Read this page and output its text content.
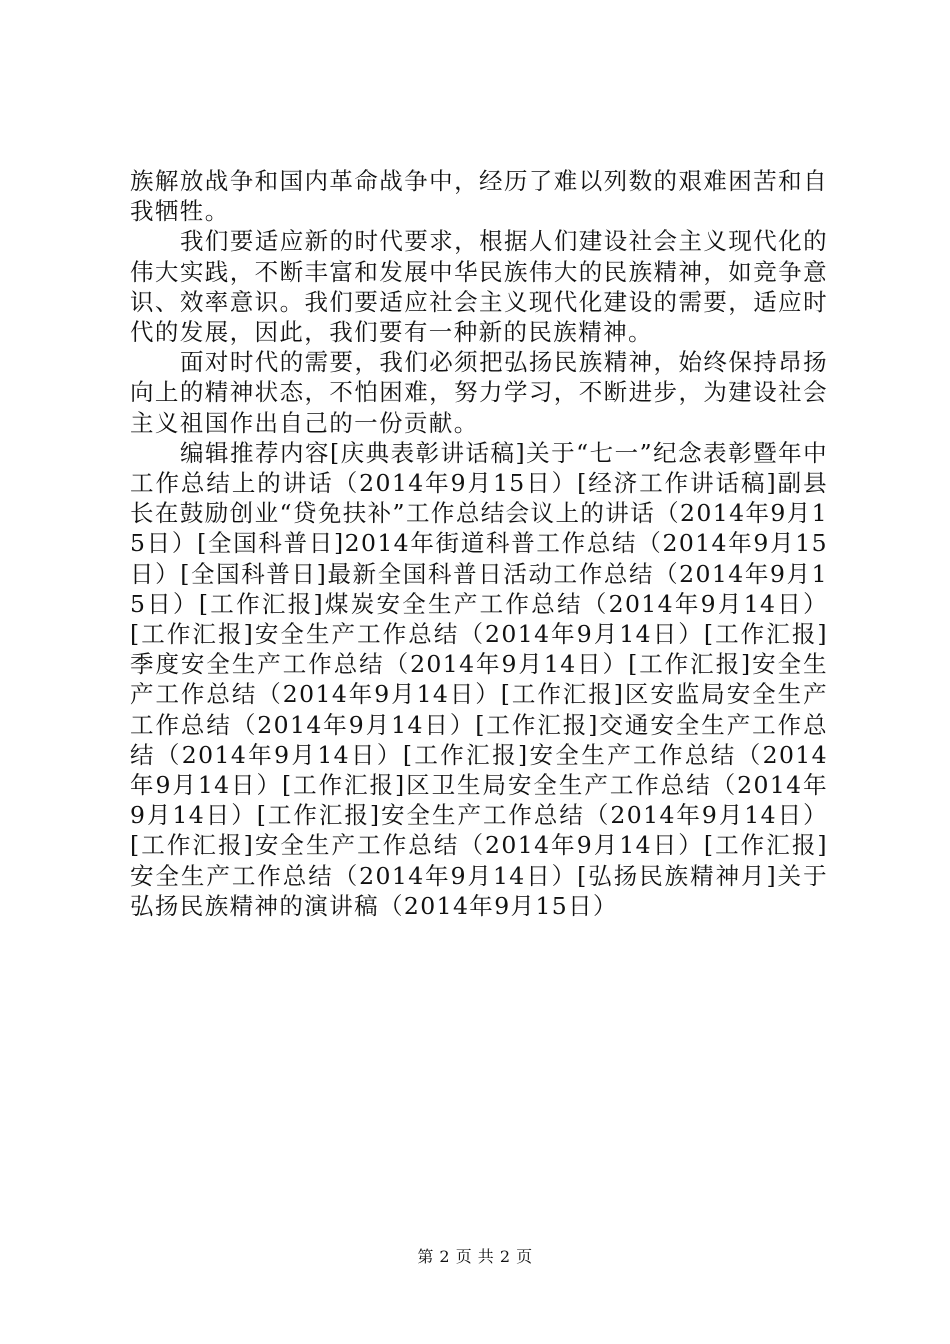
族解放战争和国内革命战争中，经历了难以列数的艰难困苦和自我牺牲。

我们要适应新的时代要求，根据人们建设社会主义现代化的伟大实践，不断丰富和发展中华民族伟大的民族精神，如竞争意识、效率意识。我们要适应社会主义现代化建设的需要，适应时代的发展，因此，我们要有一种新的民族精神。

面对时代的需要，我们必须把弘扬民族精神，始终保持昂扬向上的精神状态，不怕困难，努力学习，不断进步，为建设社会主义祖国作出自己的一份贡献。

编辑推荐内容[庆典表彰讲话稿]关于“七一”纪念表彰暨年中工作总结上的讲话（2014年9月15日）[经济工作讲话稿]副县长在鼓励创业“贷免扶补”工作总结会议上的讲话（2014年9月15日）[全国科普日]2014年街道科普工作总结（2014年9月15日）[全国科普日]最新全国科普日活动工作总结（2014年9月15日）[工作汇报]煤炭安全生产工作总结（2014年9月14日）[工作汇报]安全生产工作总结（2014年9月14日）[工作汇报]季度安全生产工作总结（2014年9月14日）[工作汇报]安全生产工作总结（2014年9月14日）[工作汇报]区安监局安全生产工作总结（2014年9月14日）[工作汇报]交通安全生产工作总结（2014年9月14日）[工作汇报]安全生产工作总结（2014年9月14日）[工作汇报]区卫生局安全生产工作总结（2014年9月14日）[工作汇报]安全生产工作总结（2014年9月14日）[工作汇报]安全生产工作总结（2014年9月14日）[工作汇报]安全生产工作总结（2014年9月14日）[弘扬民族精神月]关于弘扬民族精神的演讲稿（2014年9月15日）

第 2 页 共 2 页
